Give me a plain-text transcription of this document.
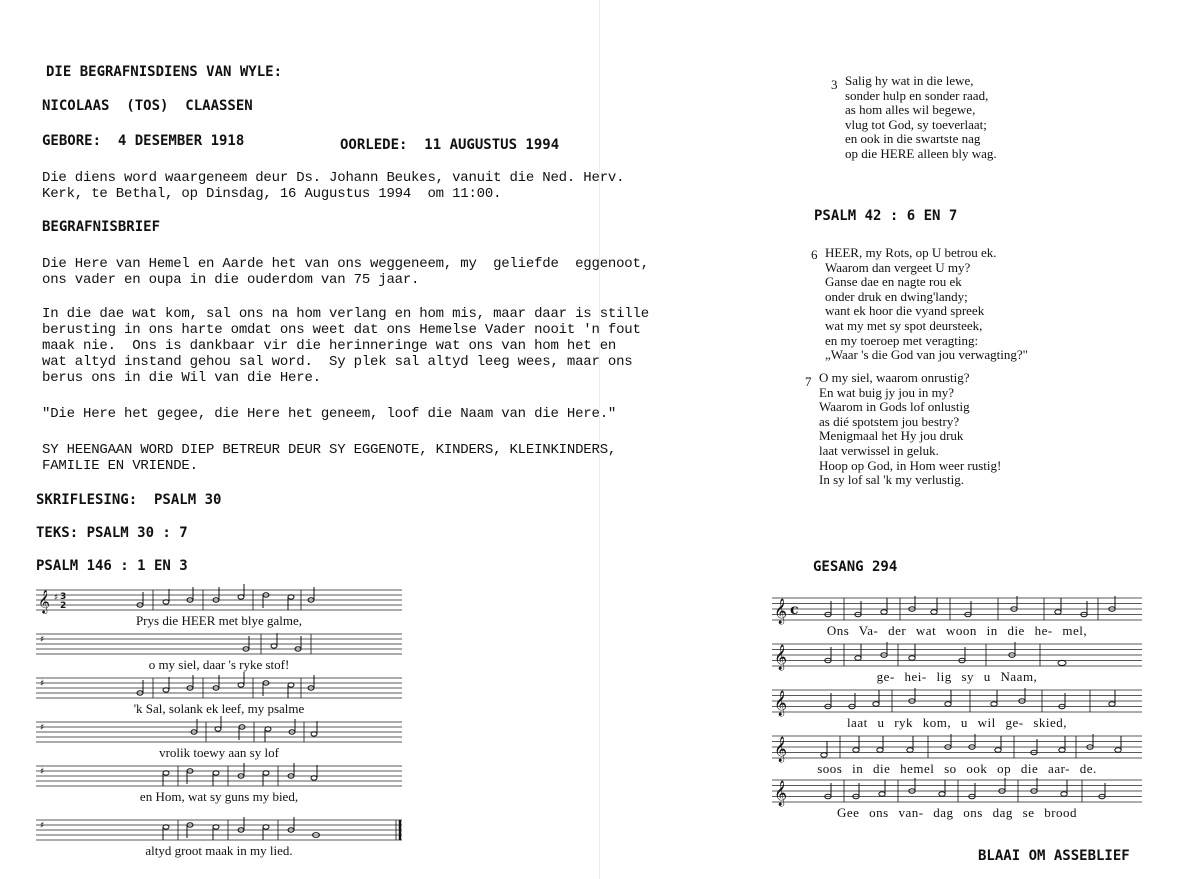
DIE BEGRAFNISDIENS VAN WYLE:
NICOLAAS  (TOS)  CLAASSEN
GEBORE:  4 DESEMBER 1918	OORLEDE:  11 AUGUSTUS 1994
Die diens word waargeneem deur Ds. Johann Beukes, vanuit die Ned. Herv.
Kerk, te Bethal, op Dinsdag, 16 Augustus 1994  om 11:00.
BEGRAFNISBRIEF
Die Here van Hemel en Aarde het van ons weggeneem, my  geliefde  eggenoot,
ons vader en oupa in die ouderdom van 75 jaar.
In die dae wat kom, sal ons na hom verlang en hom mis, maar daar is stille
berusting in ons harte omdat ons weet dat ons Hemelse Vader nooit 'n fout
maak nie.  Ons is dankbaar vir die herinneringe wat ons van hom het en
wat altyd instand gehou sal word.  Sy plek sal altyd leeg wees, maar ons
berus ons in die Wil van die Here.
"Die Here het gegee, die Here het geneem, loof die Naam van die Here."
SY HEENGAAN WORD DIEP BETREUR DEUR SY EGGENOTE, KINDERS, KLEINKINDERS,
FAMILIE EN VRIENDE.
SKRIFLESING:  PSALM 30
TEKS: PSALM 30 : 7
PSALM 146 : 1 EN 3
𝄞 ♯ 3
2
Prys die HEER met blye galme,
♯
o my siel, daar 's ryke stof!
♯
'k Sal, solank ek leef, my psalme
♯
vrolik toewy aan sy lof
♯
en Hom, wat sy guns my bied,
♯
altyd groot maak in my lied.
3 Salig hy wat in die lewe,
sonder hulp en sonder raad,
as hom alles wil begewe,
vlug tot God, sy toeverlaat;
en ook in die swartste nag
op die HERE alleen bly wag.
PSALM 42 : 6 EN 7
6 HEER, my Rots, op U betrou ek.
Waarom dan vergeet U my?
Ganse dae en nagte rou ek
onder druk en dwing'landy;
want ek hoor die vyand spreek
wat my met sy spot deursteek,
en my toeroep met veragting:
„Waar 's die God van jou verwagting?"
7 O my siel, waarom onrustig?
En wat buig jy jou in my?
Waarom in Gods lof onlustig
as dié spotstem jou bestry?
Menigmaal het Hy jou druk
laat verwissel in geluk.
Hoop op God, in Hom weer rustig!
In sy lof sal 'k my verlustig.
GESANG 294
𝄞 c
Ons Va- der wat woon in die he- mel,
𝄞
ge- hei- lig sy u Naam,
𝄞
laat u ryk kom, u wil ge- skied,
𝄞
soos in die hemel so ook op die aar- de.
𝄞
Gee ons van- dag ons dag se brood
BLAAI OM ASSEBLIEF
